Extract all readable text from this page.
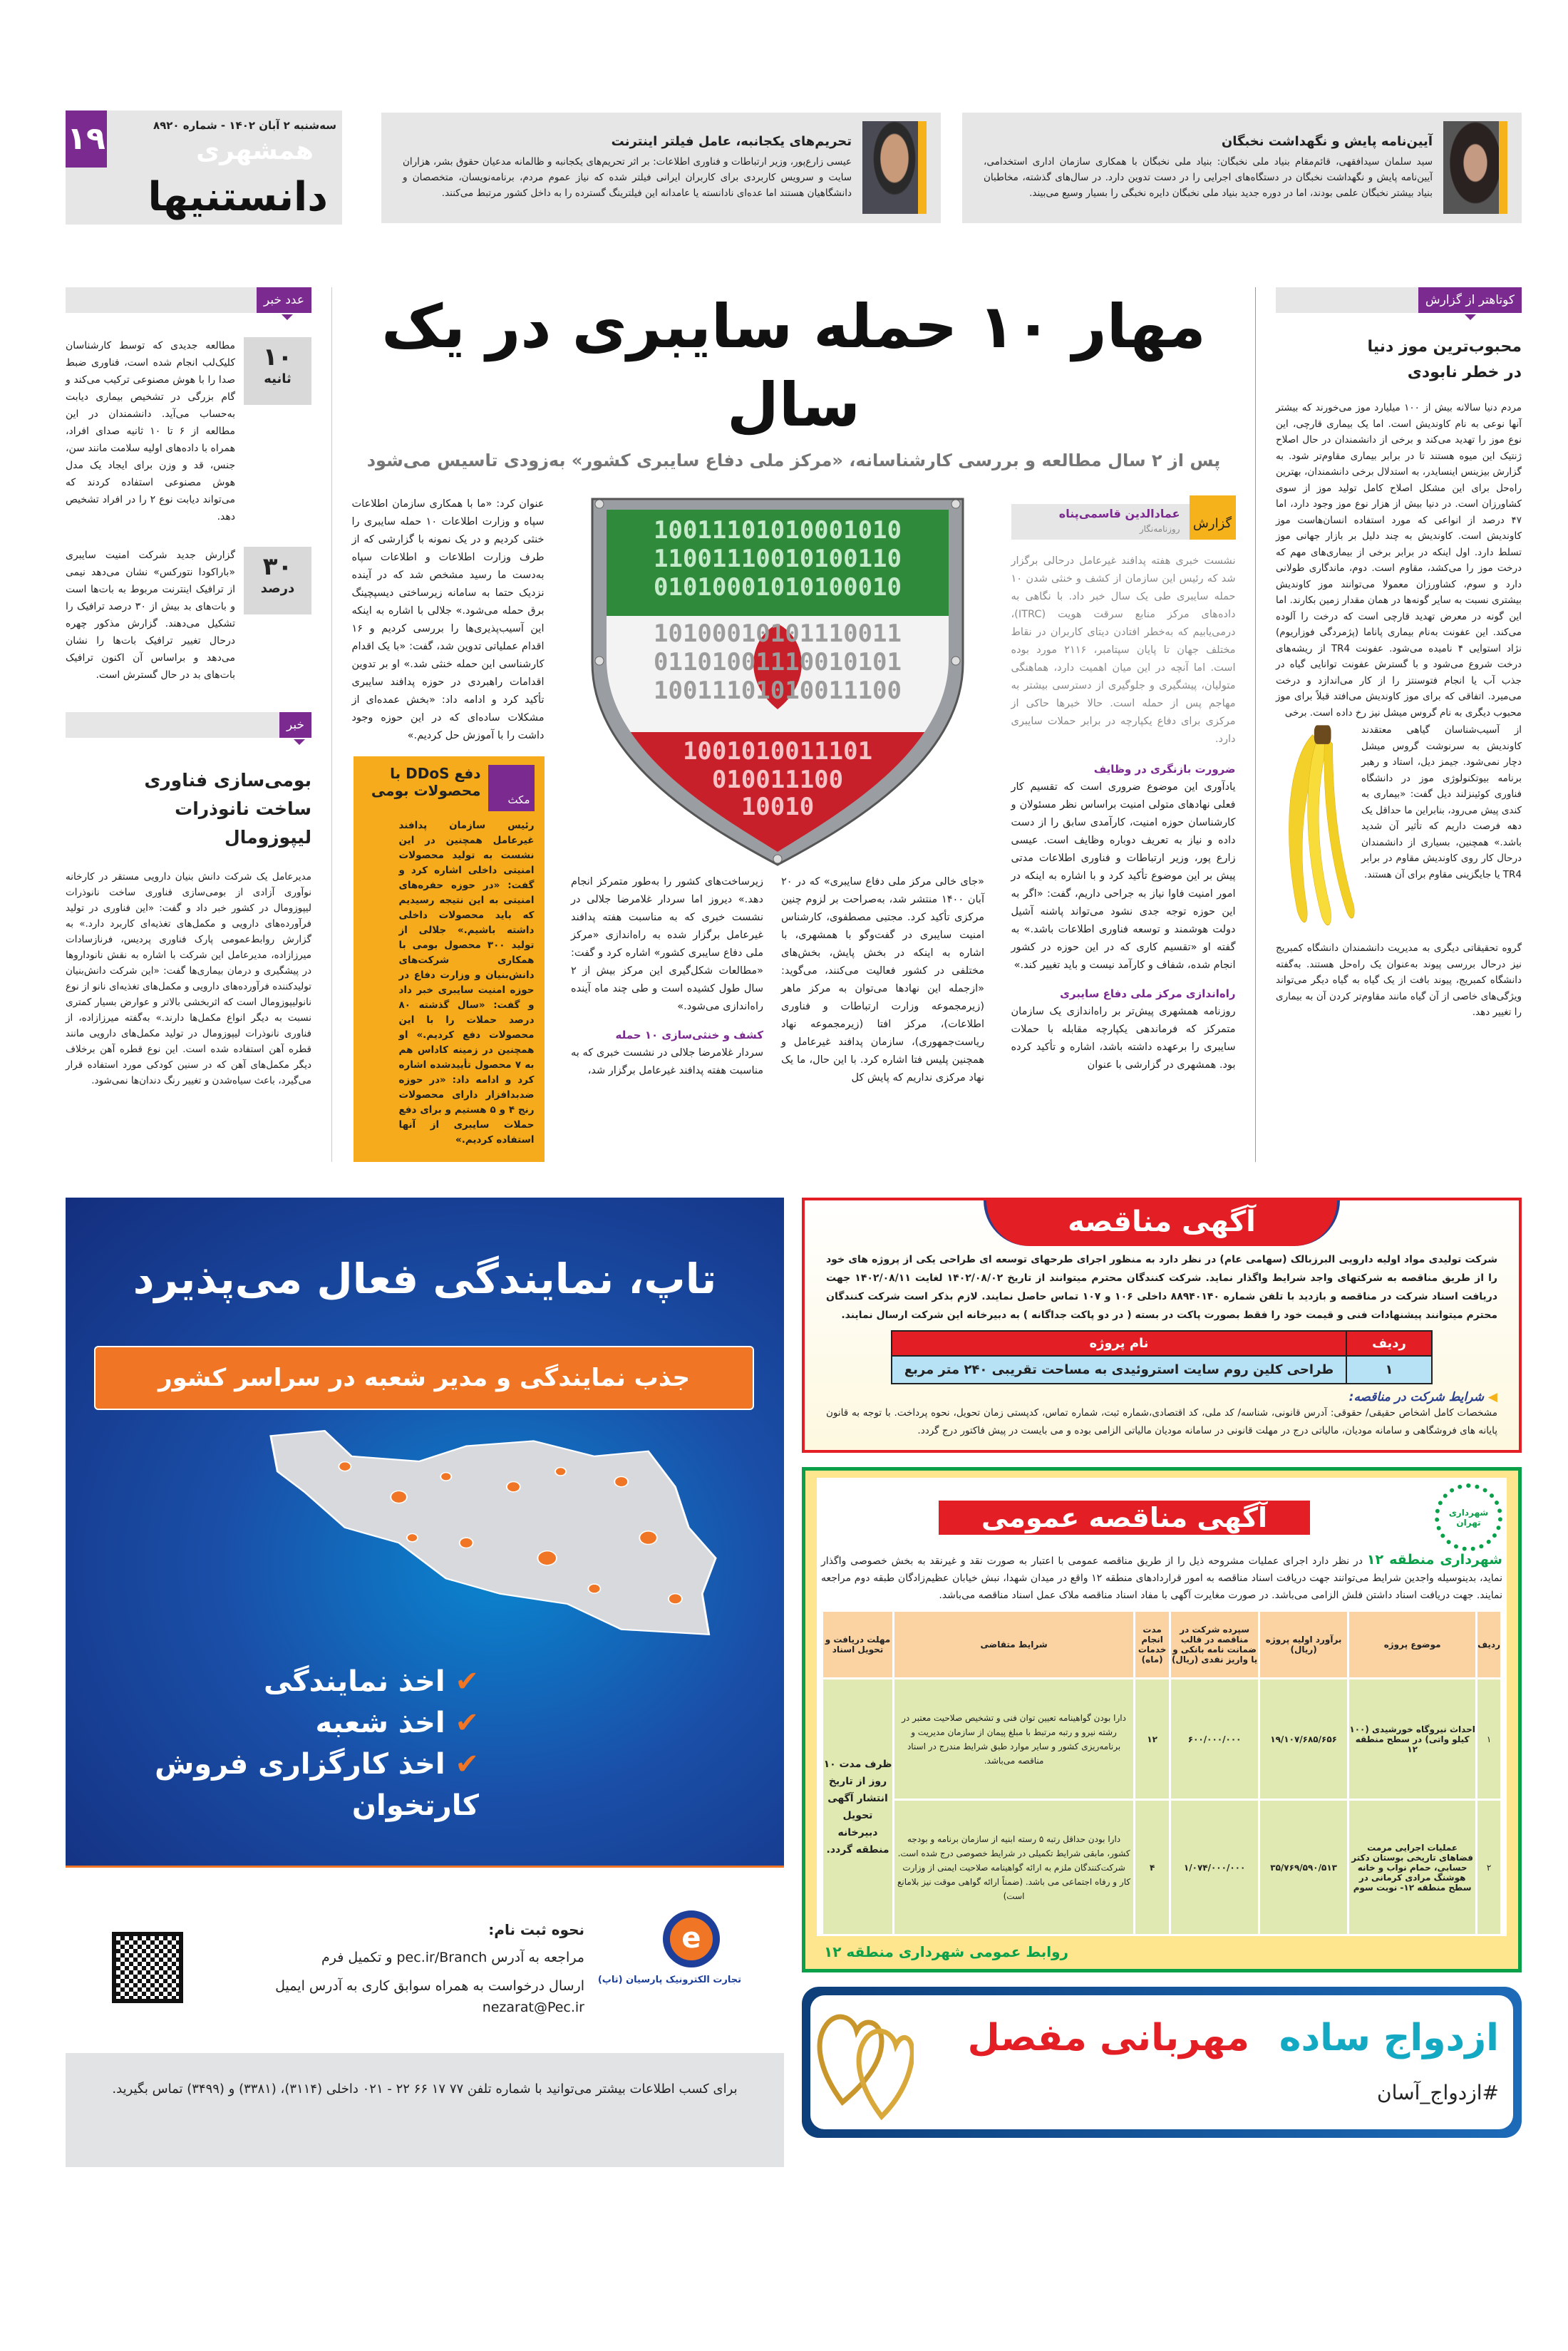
آیین‌نامه پایش و نگهداشت نخبگان
سید سلمان سیدافقهی، قائم‌مقام بنیاد ملی نخبگان: بنیاد ملی نخبگان با همکاری سازمان اداری استخدامی، آیین‌نامه پایش و نگهداشت نخبگان در دستگاه‌های اجرایی را در دست تدوین دارد. در سال‌های گذشته، مخاطبان بنیاد بیشتر نخبگان علمی بودند، اما در دوره جدید بنیاد ملی نخبگان دایره نخبگی را بسیار وسیع می‌بیند.
تحریم‌های یکجانبه، عامل فیلتر اینترنت
عیسی زارع‌پور، وزیر ارتباطات و فناوری اطلاعات: بر اثر تحریم‌های یکجانبه و ظالمانه مدعیان حقوق بشر، هزاران سایت و سرویس کاربردی برای کاربران ایرانی فیلتر شده که نیاز عموم مردم، برنامه‌نویسان، متخصصان و دانشگاهیان هستند اما عده‌ای نادانسته یا عامدانه این فیلترینگ گسترده را به داخل کشور مرتبط می‌کنند.
۱۹	سه‌شنبه ۲ آبان ۱۴۰۲ - شماره ۸۹۲۰
همشهری
دانستنیها
کوتاهتر از گزارش
محبوب‌ترین موز دنیا در خطر نابودی
مردم دنیا سالانه بیش از ۱۰۰ میلیارد موز می‌خورند که بیشتر آنها نوعی به نام کاوندیش است. اما یک بیماری قارچی، این نوع موز را تهدید می‌کند و برخی از دانشمندان در حال اصلاح ژنتیک این میوه هستند تا در برابر بیماری مقاوم‌تر شود. به گزارش بیزینس اینسایدر، به استدلال برخی دانشمندان، بهترین راه‌حل برای این مشکل اصلاح کامل تولید موز از سوی کشاورزان است. در دنیا بیش از هزار نوع موز وجود دارد، اما ۴۷ درصد از انواعی که مورد استفاده انسان‌هاست موز کاوندیش است. کاوندیش به چند دلیل بر بازار جهانی موز تسلط دارد. اول اینکه در برابر برخی از بیماری‌های مهم که درخت موز را می‌کشد، مقاوم است. دوم، ماندگاری طولانی دارد و سوم، کشاورزان معمولا می‌توانند موز کاوندیش بیشتری نسبت به سایر گونه‌ها در همان مقدار زمین بکارند. اما این گونه در معرض تهدید قارچی است که درخت را آلوده می‌کند. این عفونت به‌نام بیماری پاناما (پژمردگی فوزاریوم) نژاد استوایی ۴ نامیده می‌شود. عفونت TR4 از ریشه‌های درخت شروع می‌شود و با گسترش عفونت توانایی گیاه در جذب آب یا انجام فتوسنتز را از کار می‌اندازد و درخت می‌میرد. اتفاقی که برای موز کاوندیش می‌افتد قبلاً برای موز محبوب دیگری به نام گروس میشل نیز رخ داده است. برخی
از آسیب‌شناسان گیاهی معتقدند کاوندیش به سرنوشت گروس میشل دچار نمی‌شود. جیمز دیل، استاد و رهبر برنامه بیوتکنولوژی موز در دانشگاه فناوری کوئینزلند دیل گفت: «بیماری به کندی پیش می‌رود، بنابراین ما حداقل یک دهه فرصت داریم که تأثیر آن شدید باشد.» همچنین، بسیاری از دانشمندان درحال کار روی کاوندیش مقاوم در برابر TR4 یا جایگزینی مقاوم برای آن هستند.
گروه تحقیقاتی دیگری به مدیریت دانشمندان دانشگاه کمبریج نیز درحال بررسی پیوند به‌عنوان یک راه‌حل هستند. به‌گفته دانشگاه کمبریج، پیوند بافت از یک گیاه به گیاه دیگر می‌تواند ویژگی‌های خاصی از آن گیاه مانند مقاوم‌تر کردن آن به بیماری را تغییر دهد.
مهار ۱۰ حمله سایبری در یک سال
پس از ۲ سال مطالعه و بررسی کارشناسانه، «مرکز ملی دفاع سایبری کشور» به‌زودی تاسیس می‌شود
گزارش
عمادالدین قاسمی‌پناه
روزنامه‌نگار
نشست خبری هفته پدافند غیرعامل درحالی برگزار شد که رئیس این سازمان از کشف و خنثی شدن ۱۰ حمله سایبری طی یک سال خبر داد. با نگاهی به داده‌های مرکز منابع سرقت هویت (ITRC)، درمی‌یابیم که به‌خطر افتادن دیتای کاربران در نقاط مختلف جهان تا پایان سپتامبر، ۲۱۱۶ مورد بوده است. اما آنچه در این میان اهمیت دارد، هماهنگی متولیان، پیشگیری و جلوگیری از دسترسی بیشتر به مهاجم پس از حمله است. حالا خبرها حاکی از مرکزی برای دفاع یکپارچه در برابر حملات سایبری دارد.
ضرورت بازنگری در وظایف
یادآوری این موضوع ضروری است که تقسیم کار فعلی نهادهای متولی امنیت براساس نظر مسئولان و کارشناسان حوزه امنیت، کارآمدی سابق را از دست داده و نیاز به تعریف دوباره وظایف است. عیسی زارع پور، وزیر ارتباطات و فناوری اطلاعات مدتی پیش بر این موضوع تأکید کرد و با اشاره به اینکه در امور امنیت فاوا نیاز به جراحی داریم، گفت: «اگر به این حوزه توجه جدی نشود می‌تواند پاشنه آشیل دولت هوشمند و توسعه فناوری اطلاعات باشد.» به گفته او «تقسیم کاری که در این حوزه در کشور انجام شده، شفاف و کارآمد نیست و باید تغییر کند.»
راه‌اندازی مرکز ملی دفاع سایبری
روزنامه همشهری پیش‌تر بر راه‌اندازی یک سازمان متمرکز که فرماندهی یکپارچه مقابله با حملات سایبری را برعهده داشته باشد، اشاره و تأکید کرده بود. همشهری در گزارشی با عنوان
10011101010001010
11001110010100110
01010001010100010
10100010101110011
01101001110010101
10011101010011100
1001010011101
010011100
10010
«جای خالی مرکز ملی دفاع سایبری» که در ۲۰ آبان ۱۴۰۰ منتشر شد، به‌صراحت بر لزوم چنین مرکزی تأکید کرد. مجتبی مصطفوی، کارشناس امنیت سایبری در گفت‌وگو با همشهری، با اشاره به اینکه در بخش پایش، بخش‌های مختلفی در کشور فعالیت می‌کنند، می‌گوید: «ازجمله این نهادها می‌توان به مرکز ماهر (زیرمجموعه وزارت ارتباطات و فناوری اطلاعات)، مرکز افتا (زیرمجموعه نهاد ریاست‌جمهوری)، سازمان پدافند غیرعامل و همچنین پلیس فتا اشاره کرد. با این حال، ما یک نهاد مرکزی نداریم که پایش کل
زیرساخت‌های کشور را به‌طور متمرکز انجام دهد.» دیروز اما سردار غلامرضا جلالی در نشست خبری که به مناسبت هفته پدافند غیرعامل برگزار شده به راه‌اندازی «مرکز ملی دفاع سایبری کشور» اشاره کرد و گفت: «مطالعات شکل‌گیری این مرکز بیش از ۲ سال طول کشیده است و طی چند ماه آینده راه‌اندازی می‌شود.»
کشف و خنثی‌سازی ۱۰ حمله
سردار غلامرضا جلالی در نشست خبری که به مناسبت هفته پدافند غیرعامل برگزار شد،
عنوان کرد: «ما با همکاری سازمان اطلاعات سپاه و وزارت اطلاعات ۱۰ حمله سایبری را خنثی کردیم و در یک نمونه با گزارشی که از طرف وزارت اطلاعات و اطلاعات سپاه به‌دست ما رسید مشخص شد که در آینده نزدیک حتما به سامانه زیرساختی دیسپچینگ برق حمله می‌شود.» جلالی با اشاره به اینکه این آسیب‌پذیری‌ها را بررسی کردیم و ۱۶ اقدام عملیاتی تدوین شد، گفت: «با یک اقدام کارشناسی این حمله خنثی شد.» او بر تدوین اقدامات راهبردی در حوزه پدافند سایبری تأکید کرد و ادامه داد: «بخش عمده‌ای از مشکلات ساده‌ای که در این حوزه وجود داشت را با آموزش حل کردیم.»
مکث
دفع DDoS با محصولات بومی
رئیس سازمان پدافند غیرعامل همچنین در این نشست به تولید محصولات امنیتی داخلی اشاره کرد و گفت: «در حوزه حفره‌های امنیتی به این نتیجه رسیدیم که باید محصولات داخلی داشته باشیم.» جلالی از تولید ۳۰۰ محصول بومی با همکاری شرکت‌های دانش‌بنیان و وزارت دفاع در حوزه امنیت سایبری خبر داد و گفت: «سال گذشته ۸۰ درصد حملات را با این محصولات دفع کردیم.» او همچنین در زمینه کاداس هم به ۷ محصول تأییدشده اشاره کرد و ادامه داد: «در حوزه ضدبدافزار دارای محصولات رنج ۴ و ۵ هستیم و برای دفع حملات سایبری از آنها استفاده کردیم.»
عدد خبر
۱۰
ثانیه
مطالعه جدیدی که توسط کارشناسان کلیک‌لب انجام شده است، فناوری ضبط صدا را با هوش مصنوعی ترکیب می‌کند و گام بزرگی در تشخیص بیماری دیابت به‌حساب می‌آید. دانشمندان در این مطالعه از ۶ تا ۱۰ ثانیه صدای افراد، همراه با داده‌های اولیه سلامت مانند سن، جنس، قد و وزن برای ایجاد یک مدل هوش مصنوعی استفاده کردند که می‌تواند دیابت نوع ۲ را در افراد تشخیص دهد.
۳۰
درصد
گزارش جدید شرکت امنیت سایبری «باراکودا نتورکس» نشان می‌دهد نیمی از ترافیک اینترنت مربوط به بات‌ها است و بات‌های بد بیش از ۳۰ درصد ترافیک را تشکیل می‌دهند. گزارش مذکور چهره درحال تغییر ترافیک بات‌ها را نشان می‌دهد و براساس آن اکنون ترافیک بات‌های بد در حال گسترش است.
خبر
بومی‌سازی فناوری ساخت نانوذرات لیپوزومال
مدیرعامل یک شرکت دانش بنیان دارویی مستقر در کارخانه نوآوری آزادی از بومی‌سازی فناوری ساخت نانوذرات لیپوزومال در کشور خبر داد و گفت: «این فناوری در تولید فرآورده‌های دارویی و مکمل‌های تغذیه‌ای کاربرد دارد.» به گزارش روابط‌عمومی پارک فناوری پردیس، فرنازسادات میرزازاده، مدیرعامل این شرکت با اشاره به نقش نانوداروها در پیشگیری و درمان بیماری‌ها گفت: «این شرکت دانش‌بنیان تولیدکننده فرآورده‌های دارویی و مکمل‌های تغذیه‌ای نانو از نوع نانولیپوزومال است که اثربخشی بالاتر و عوارض بسیار کمتری نسبت به دیگر انواع مکمل‌ها دارند.» به‌گفته میرزازاده، از فناوری نانوذرات لیپوزومال در تولید مکمل‌های دارویی مانند قطره آهن استفاده شده است. این نوع قطره آهن برخلاف دیگر مکمل‌های آهن که در سنین کودکی مورد استفاده قرار می‌گیرد، باعث سیاه‌شدن و تغییر رنگ دندان‌ها نمی‌شود.
آگهی مناقصه
شرکت تولیدی مواد اولیه دارویی البرزبالک (سهامی عام) در نظر دارد به منظور اجرای طرحهای توسعه ای طراحی یکی از پروژه های خود را از طریق مناقصه به شرکتهای واجد شرایط واگذار نماید. شرکت کنندگان محترم میتوانند از تاریخ ۱۴۰۲/۰۸/۰۲ لغایت ۱۴۰۲/۰۸/۱۱ جهت دریافت اسناد شرکت در مناقصه و بازدید با تلفن شماره ۸۸۹۴۰۱۴۰ داخلی ۱۰۶ و ۱۰۷ تماس حاصل نمایند. لازم بذکر است شرکت کنندگان محترم میتوانند پیشنهادات فنی و قیمت خود را فقط بصورت پاکت در بسته ( در دو پاکت جداگانه ) به دبیرخانه این شرکت ارسال نمایند.
ردیف	نام پروژه
۱	طراحی کلین روم سایت استروئیدی به مساحت تقریبی ۲۴۰ متر مربع
◀ شرایط شرکت در مناقصه:
مشخصات کامل اشخاص حقیقی/ حقوقی: آدرس قانونی، شناسه/ کد ملی، کد اقتصادی،شماره ثبت، شماره تماس، کدپستی زمان تحویل، نحوه پرداخت. با توجه به قانون پایانه های فروشگاهی و سامانه مودیان، مالیاتی درج در مهلت قانونی در سامانه مودیان مالیاتی الزامی بوده و می بایست در پیش فاکتور درج گردد.
شهرداری تهران
آگهی مناقصه عمومی
شهرداری منطقه ۱۲ در نظر دارد اجرای عملیات مشروحه ذیل را از طریق مناقصه عمومی با اعتبار به صورت نقد و غیرنقد به بخش خصوصی واگذار نماید، بدینوسیله واجدین شرایط می‌توانند جهت دریافت اسناد مناقصه به امور قراردادهای منطقه ۱۲ واقع در میدان شهدا، نبش خیابان عظیم‌زادگان طبقه دوم مراجعه نمایند. جهت دریافت اسناد داشتن فلش الزامی می‌باشد. در صورت مغایرت آگهی با مفاد اسناد مناقصه ملاک عمل اسناد مناقصه می‌باشد.
ردیف	موضوع پروژه	برآورد اولیه پروژه (ریال)	سپرده شرکت در مناقصه در قالب ضمانت نامه بانکی و یا واریز نقدی (ریال)	مدت انجام خدمات (ماه)	شرایط متقاضی	مهلت دریافت و تحویل اسناد
۱	احداث نیروگاه خورشیدی (۱۰۰ کیلو واتی) در سطح منطقه ۱۲	۱۹/۱۰۷/۶۸۵/۶۵۶	۶۰۰/۰۰۰/۰۰۰	۱۲	دارا بودن گواهینامه تعیین توان فنی و تشخیص صلاحیت معتبر در رشته نیرو و رتبه مرتبط با مبلغ پیمان از سازمان مدیریت و برنامه‌ریزی کشور و سایر موارد طبق شرایط مندرج در اسناد مناقصه می‌باشد.	ظرف مدت ۱۰ روز از تاریخ انتشار آگهی تحویل دبیرخانه منطقه گردد.
۲	عملیات اجرایی مرمت فضاهای تاریخی بوستان دکتر حسابی، حمام نواب و خانه هوشنگ مرادی کرمانی در سطح منطقه ۱۲- نوبت سوم	۳۵/۷۶۹/۵۹۰/۵۱۳	۱/۰۷۴/۰۰۰/۰۰۰	۴	دارا بودن حداقل رتبه ۵ رسته ابنیه از سازمان برنامه و بودجه کشور، مابقی شرایط تکمیلی در شرایط خصوصی درج شده است. شرکت‌کنندگان ملزم به ارائه گواهینامه صلاحیت ایمنی از وزارت کار و رفاه اجتماعی می باشد. (ضمناً ارائه گواهی موقت نیز بلامانع است)	
روابط عمومی شهرداری منطقه ۱۲
ازدواج ساده
مهربانی مفصل
#ازدواج_آسان
تاپ، نمایندگی فعال می‌پذیرد
جذب نمایندگی و مدیر شعبه در سراسر کشور
✔ اخذ نمایندگی
✔ اخذ شعبه
✔ اخذ کارگزاری فروش کارتخوان
e
تجارت الکترونیک پارسیان (تاپ)
نحوه ثبت نام:
مراجعه به آدرس pec.ir/Branch و تکمیل فرم
ارسال درخواست به همراه سوابق کاری به آدرس ایمیل nezarat@Pec.ir
برای کسب اطلاعات بیشتر می‌توانید با شماره تلفن ۷۷ ۱۷ ۶۶ ۲۲ - ۰۲۱ داخلی (۳۱۱۴)، (۳۳۸۱) و (۳۴۹۹) تماس بگیرید.
